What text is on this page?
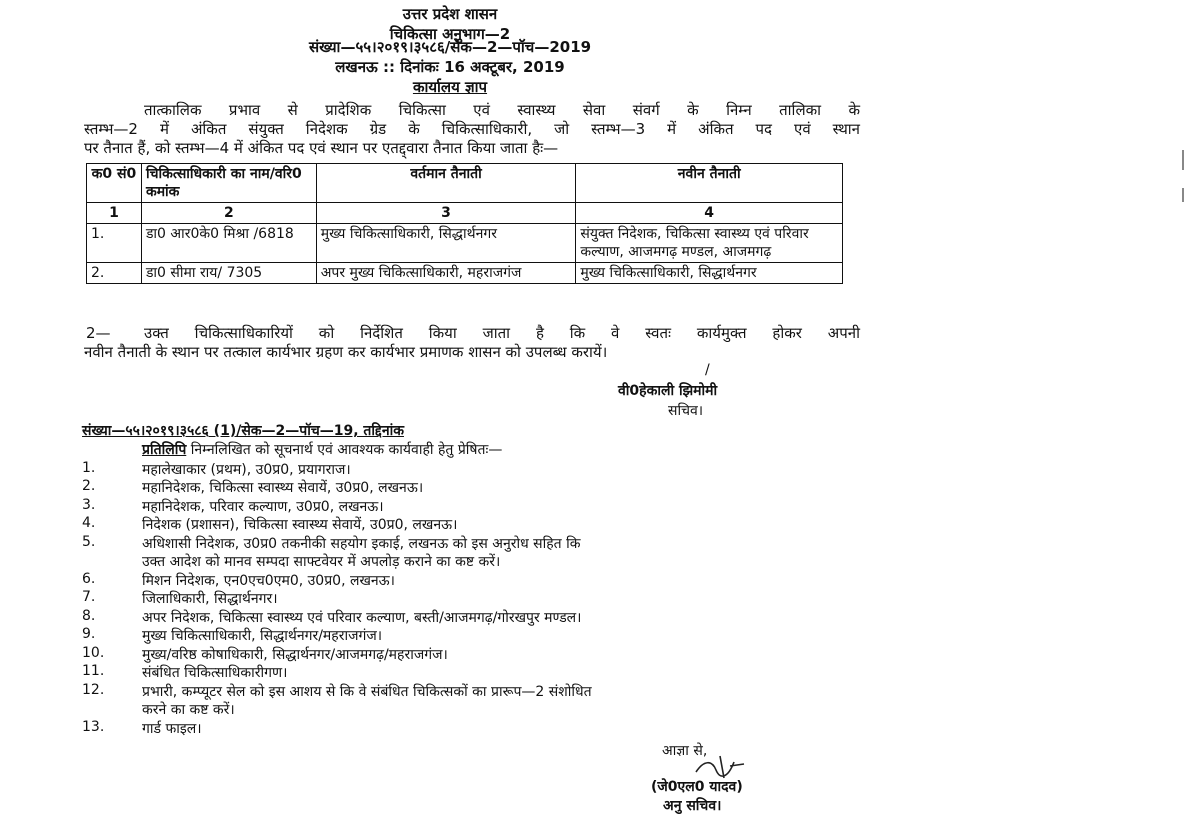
उत्तर प्रदेश शासन
चिकित्सा अनुभाग—2
संख्या—५५।२०१९।३५८६/सेक—2—पॉच—2019
लखनऊ :: दिनांकः 16 अक्टूबर, 2019
कार्यालय ज्ञाप
तात्कालिक प्रभाव से प्रादेशिक चिकित्सा एवं स्वास्थ्य सेवा संवर्ग के निम्न तालिका के
स्तम्भ—2 में अंकित संयुक्त निदेशक ग्रेड के चिकित्साधिकारी, जो स्तम्भ—3 में अंकित पद एवं स्थान
पर तैनात हैं, को स्तम्भ—4 में अंकित पद एवं स्थान पर एतद्द्वारा तैनात किया जाता हैः—
क0 सं0	चिकित्साधिकारी का नाम/वरि0 कमांक	वर्तमान तैनाती	नवीन तैनाती
1	2	3	4
1.	डा0 आर0के0 मिश्रा /6818	मुख्य चिकित्साधिकारी, सिद्धार्थनगर	संयुक्त निदेशक, चिकित्सा स्वास्थ्य एवं परिवार कल्याण, आजमगढ़ मण्डल, आजमगढ़
2.	डा0 सीमा राय/ 7305	अपर मुख्य चिकित्साधिकारी, महराजगंज	मुख्य चिकित्साधिकारी, सिद्धार्थनगर
2—	उक्त चिकित्साधिकारियों को निर्देशित किया जाता है कि वे स्वतः कार्यमुक्त होकर अपनी
नवीन तैनाती के स्थान पर तत्काल कार्यभार ग्रहण कर कार्यभार प्रमाणक शासन को उपलब्ध करायें।
/
वी0हेकाली झिमोमी
सचिव।
संख्या—५५।२०१९।३५८६ (1)/सेक—2—पॉच—19, तद्दिनांक
प्रतिलिपि निम्नलिखित को सूचनार्थ एवं आवश्यक कार्यवाही हेतु प्रेषितः—
1.	महालेखाकार (प्रथम), उ0प्र0, प्रयागराज।
2.	महानिदेशक, चिकित्सा स्वास्थ्य सेवायें, उ0प्र0, लखनऊ।
3.	महानिदेशक, परिवार कल्याण, उ0प्र0, लखनऊ।
4.	निदेशक (प्रशासन), चिकित्सा स्वास्थ्य सेवायें, उ0प्र0, लखनऊ।
5.	अधिशासी निदेशक, उ0प्र0 तकनीकी सहयोग इकाई, लखनऊ को इस अनुरोध सहित कि
उक्त आदेश को मानव सम्पदा साफ्टवेयर में अपलोड़ कराने का कष्ट करें।
6.	मिशन निदेशक, एन0एच0एम0, उ0प्र0, लखनऊ।
7.	जिलाधिकारी, सिद्धार्थनगर।
8.	अपर निदेशक, चिकित्सा स्वास्थ्य एवं परिवार कल्याण, बस्ती/आजमगढ़/गोरखपुर मण्डल।
9.	मुख्य चिकित्साधिकारी, सिद्धार्थनगर/महराजगंज।
10.	मुख्य/वरिष्ठ कोषाधिकारी, सिद्धार्थनगर/आजमगढ़/महराजगंज।
11.	संबंधित चिकित्साधिकारीगण।
12.	प्रभारी, कम्प्यूटर सेल को इस आशय से कि वे संबंधित चिकित्सकों का प्रारूप—2 संशोधित
करने का कष्ट करें।
13.	गार्ड फाइल।
आज्ञा से,
(जे0एल0 यादव)
अनु सचिव।
